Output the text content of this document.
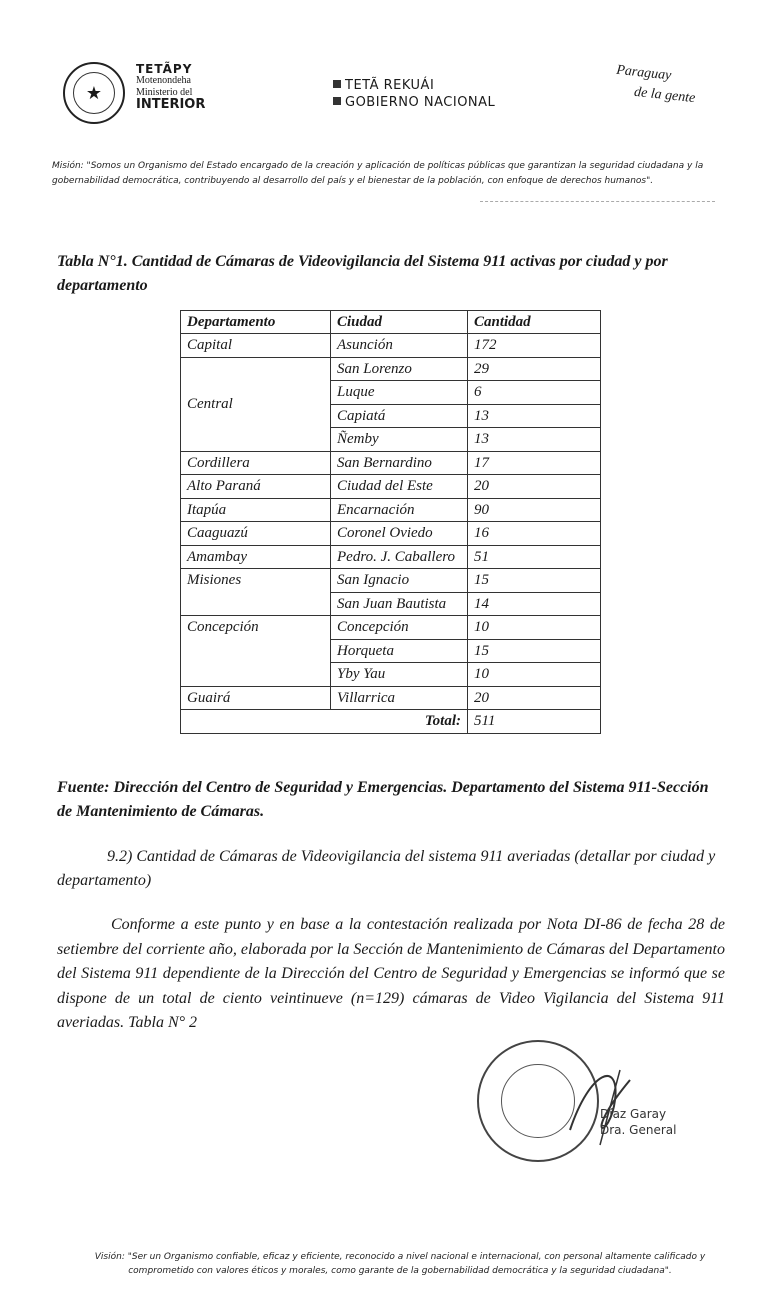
★
TETÃPY
Motenondeha
Ministerio del
INTERIOR
TETÃ REKUÁI
GOBIERNO NACIONAL
Paraguay
de la gente
Misión: "Somos un Organismo del Estado encargado de la creación y aplicación de políticas públicas que garantizan la seguridad ciudadana y la gobernabilidad democrática, contribuyendo al desarrollo del país y el bienestar de la población, con enfoque de derechos humanos".
Tabla N°1. Cantidad de Cámaras de Videovigilancia del Sistema 911 activas por ciudad y por departamento
Departamento	Ciudad	Cantidad
Capital	Asunción	172
Central	San Lorenzo	29
	Luque	6
	Capiatá	13
	Ñemby	13
Cordillera	San Bernardino	17
Alto Paraná	Ciudad del Este	20
Itapúa	Encarnación	90
Caaguazú	Coronel Oviedo	16
Amambay	Pedro. J. Caballero	51
Misiones	San Ignacio	15
	San Juan Bautista	14
Concepción	Concepción	10
	Horqueta	15
	Yby Yau	10
Guairá	Villarrica	20
Total:		511
Fuente: Dirección del Centro de Seguridad y Emergencias. Departamento del Sistema 911-Sección de Mantenimiento de Cámaras.
9.2) Cantidad de Cámaras de Videovigilancia del sistema 911 averiadas (detallar por ciudad y departamento)
Conforme a este punto y en base a la contestación realizada por Nota DI-86 de fecha 28 de setiembre del corriente año, elaborada por la Sección de Mantenimiento de Cámaras del Departamento del Sistema 911 dependiente de la Dirección del Centro de Seguridad y Emergencias se informó que se dispone de un total de ciento veintinueve (n=129) cámaras de Video Vigilancia del Sistema 911 averiadas. Tabla N° 2
Díaz Garay
Dra. General
Visión: "Ser un Organismo confiable, eficaz y eficiente, reconocido a nivel nacional e internacional, con personal altamente calificado y comprometido con valores éticos y morales, como garante de la gobernabilidad democrática y la seguridad ciudadana".
